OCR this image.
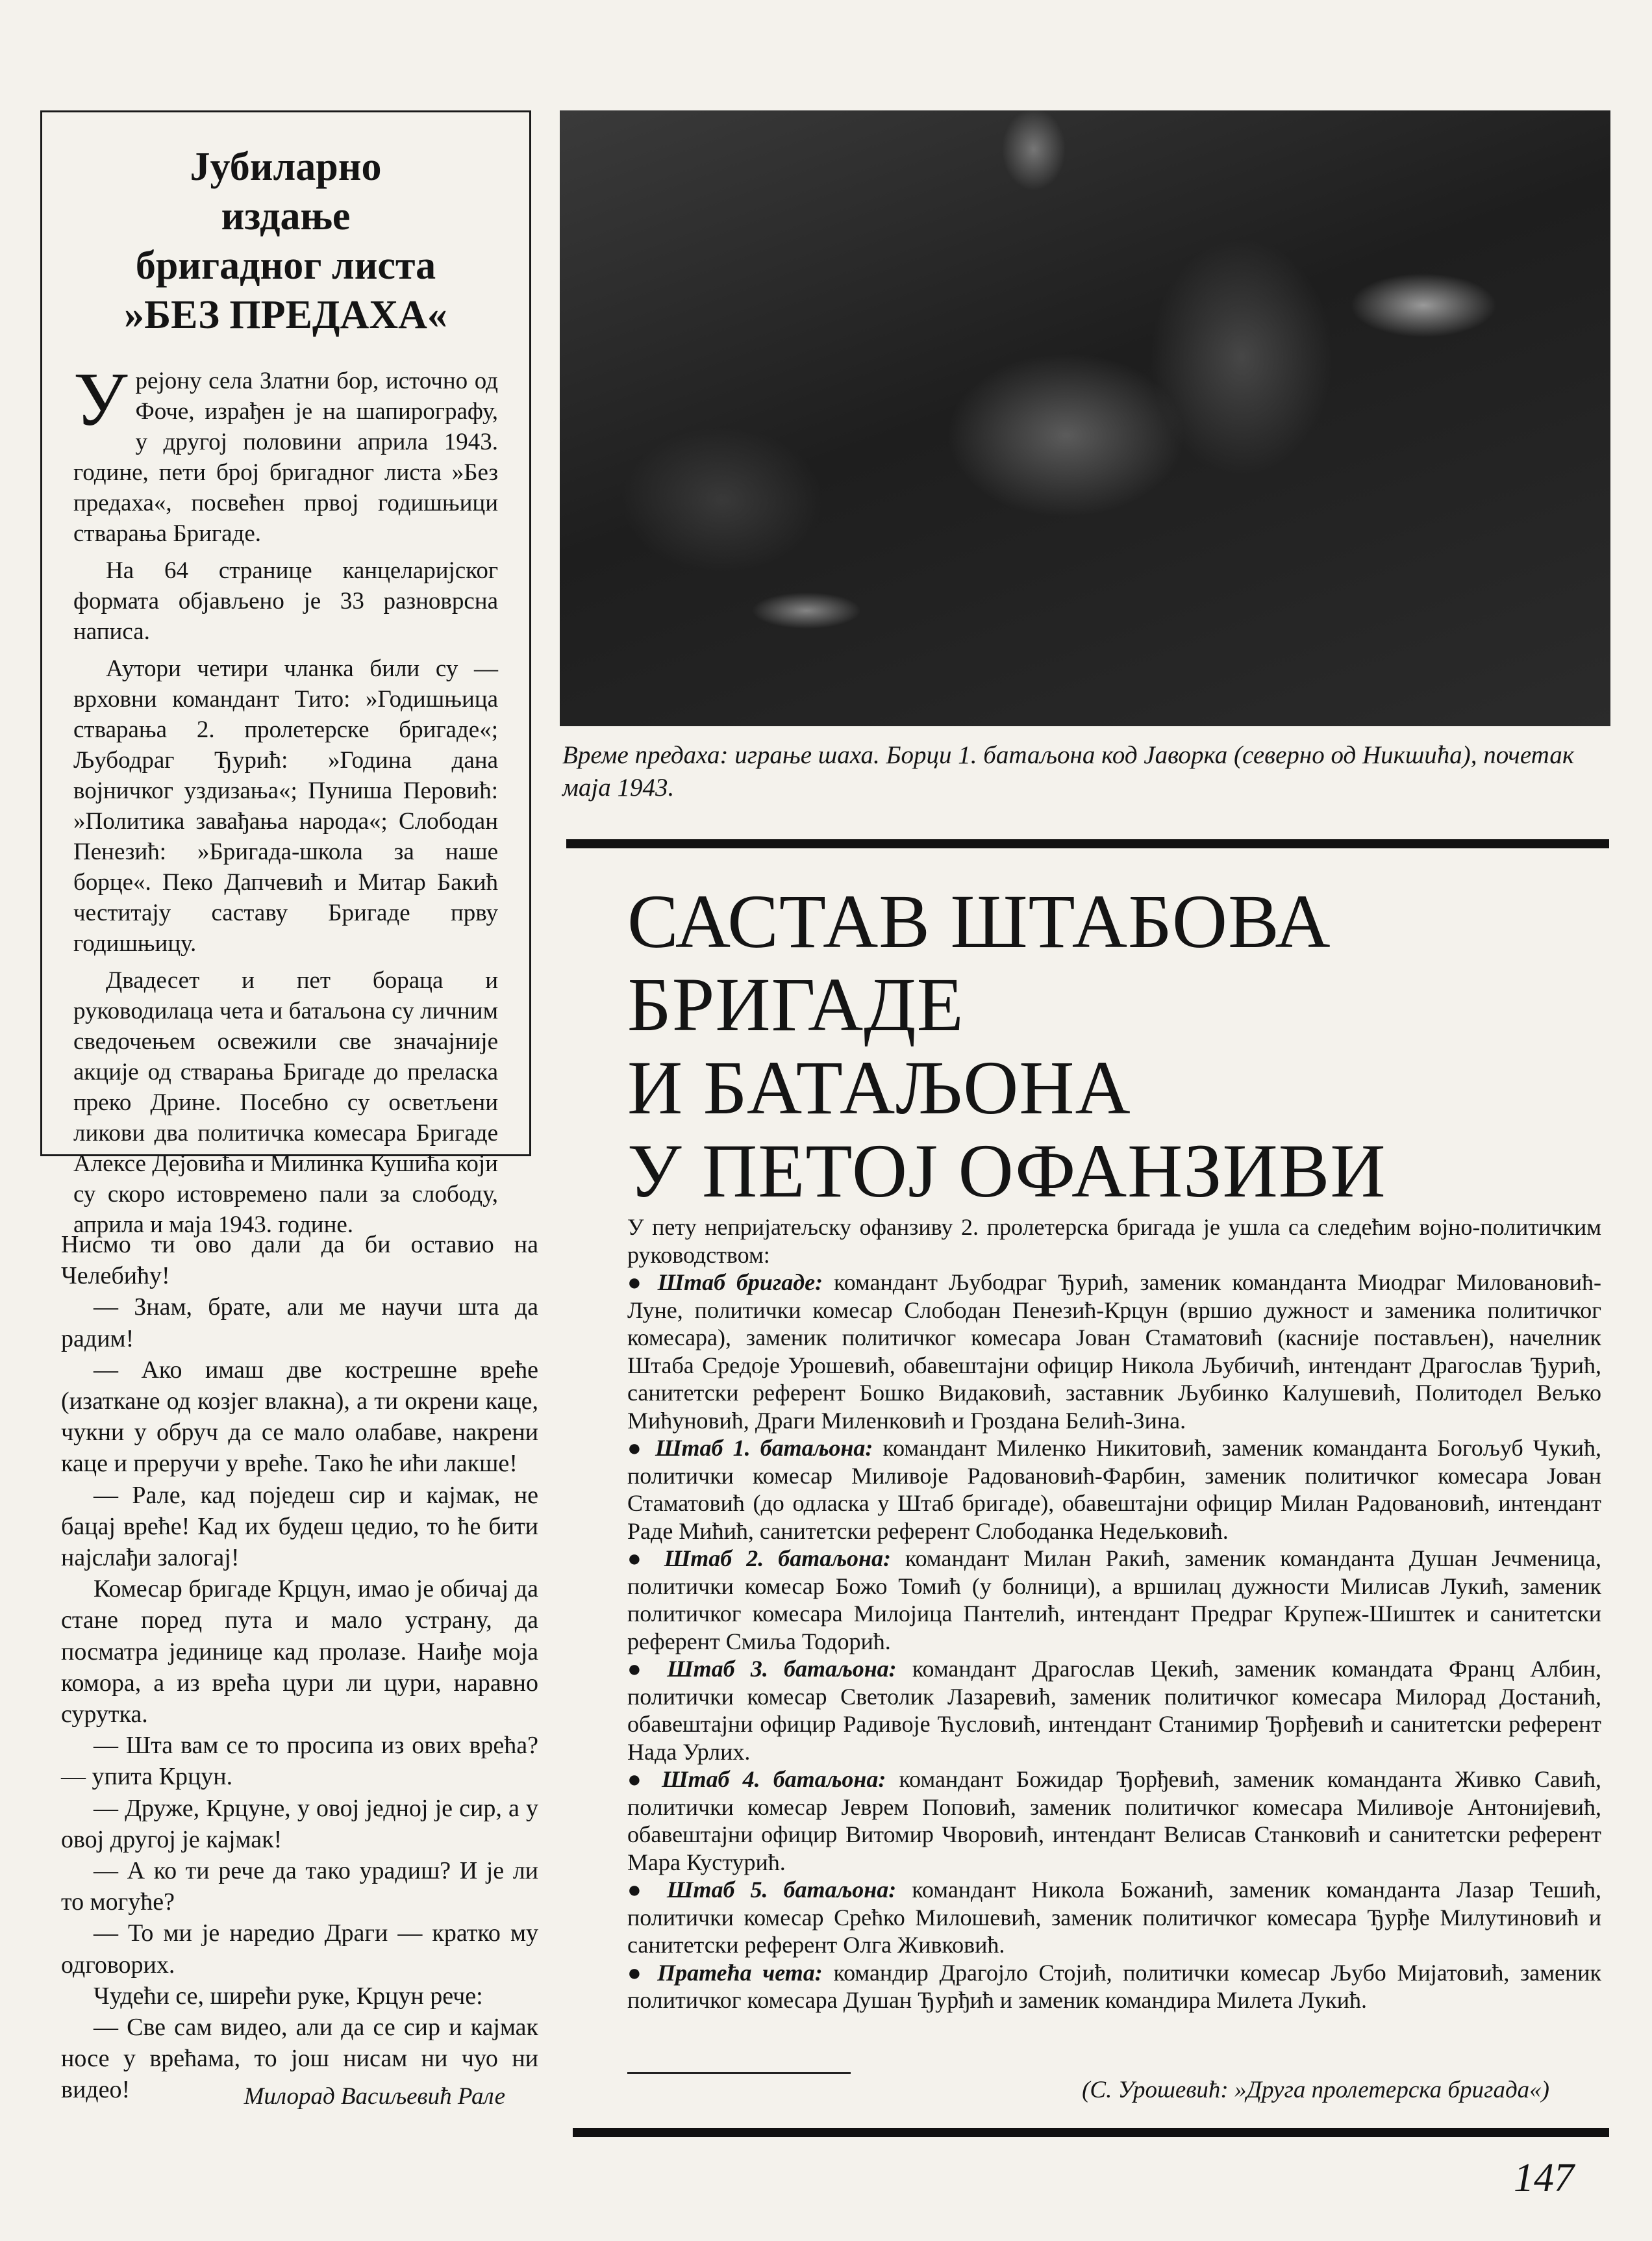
Јубиларно
издање
бригадног листа
»БЕЗ ПРЕДАХА«

Урејону села Златни бор, источно од Фоче, израђен је на шапирографу, у другој половини априла 1943. године, пети број бригадног листа »Без предаха«, посвећен првој годишњици стварања Бригаде.

На 64 странице канцеларијског формата објављено је 33 разноврсна написа.

Аутори четири чланка били су — врховни командант Тито: »Годишњица стварања 2. пролетерске бригаде«; Љубодраг Ђурић: »Година дана војничког уздизања«; Пуниша Перовић: »Политика завађања народа«; Слободан Пенезић: »Бригада-школа за наше борце«. Пеко Дапчевић и Митар Бакић честитају саставу Бригаде прву годишњицу.

Двадесет и пет бораца и руководилаца чета и батаљона су личним сведочењем освежили све значајније акције од стварања Бригаде до преласка преко Дрине. Посебно су осветљени ликови два политичка комесара Бригаде Алексе Дејовића и Милинка Кушића који су скоро истовремено пали за слободу, априла и маја 1943. године.

Време предаха: играње шаха. Борци 1. батаљона код Јаворка (северно од Никшића), почетак маја 1943.
САСТАВ ШТАБОВА
БРИГАДЕ
И БАТАЉОНА
У ПЕТОЈ ОФАНЗИВИ

У пету непријатељску офанзиву 2. пролетерска бригада је ушла са следећим војно-политичким руководством:

● Штаб бригаде: командант Љубодраг Ђурић, заменик команданта Миодраг Миловановић-Луне, политички комесар Слободан Пенезић-Крцун (вршио дужност и заменика политичког комесара), заменик политичког комесара Јован Стаматовић (касније постављен), начелник Штаба Средоје Урошевић, обавештајни официр Никола Љубичић, интендант Драгослав Ђурић, санитетски референт Бошко Видаковић, заставник Љубинко Калушевић, Политодел Вељко Мићуновић, Драги Миленковић и Гроздана Белић-Зина.

● Штаб 1. батаљона: командант Миленко Никитовић, заменик команданта Богољуб Чукић, политички комесар Миливоје Радовановић-Фарбин, заменик политичког комесара Јован Стаматовић (до одласка у Штаб бригаде), обавештајни официр Милан Радовановић, интендант Раде Мићић, санитетски референт Слободанка Недељковић.

● Штаб 2. батаљона: командант Милан Ракић, заменик команданта Душан Јечменица, политички комесар Божо Томић (у болници), а вршилац дужности Милисав Лукић, заменик политичког комесара Милојица Пантелић, интендант Предраг Крупеж-Шиштек и санитетски референт Смиља Тодорић.

● Штаб 3. батаљона: командант Драгослав Цекић, заменик командата Франц Албин, политички комесар Светолик Лазаревић, заменик политичког комесара Милорад Достанић, обавештајни официр Радивоје Ћусловић, интендант Станимир Ђорђевић и санитетски референт Нада Урлих.

● Штаб 4. батаљона: командант Божидар Ђорђевић, заменик команданта Живко Савић, политички комесар Јеврем Поповић, заменик политичког комесара Миливоје Антонијевић, обавештајни официр Витомир Чворовић, интендант Велисав Станковић и санитетски референт Мара Кустурић.

● Штаб 5. батаљона: командант Никола Божанић, заменик команданта Лазар Тешић, политички комесар Срећко Милошевић, заменик политичког комесара Ђурђе Милутиновић и санитетски референт Олга Живковић.

● Пратећа чета: командир Драгојло Стојић, политички комесар Љубо Мијатовић, заменик политичког комесара Душан Ђурђић и заменик командира Милета Лукић.

(С. Урошевић: »Друга пролетерска бригада«)

Нисмо ти ово дали да би оставио на Челебићу!

— Знам, брате, али ме научи шта да радим!

— Ако имаш две кострешне вреће (изаткане од козјег влакна), а ти окрени каце, чукни у обруч да се мало олабаве, накрени каце и преручи у вреће. Тако ће ићи лакше!

— Рале, кад поједеш сир и кајмак, не бацај вреће! Кад их будеш цедио, то ће бити најслађи залогај!

Комесар бригаде Крцун, имао је обичај да стане поред пута и мало устрану, да посматра јединице кад пролазе. Наиђе моја комора, а из врећа цури ли цури, наравно сурутка.

— Шта вам се то просипа из ових врећа? — упита Крцун.

— Друже, Крцуне, у овој једној је сир, а у овој другој је кајмак!

— А ко ти рече да тако урадиш? И је ли то могуће?

— То ми је наредио Драги — кратко му одговорих.

Чудећи се, ширећи руке, Крцун рече:

— Све сам видео, али да се сир и кајмак носе у врећама, то још нисам ни чуо ни видео!	Милорад Васиљевић Рале
147
